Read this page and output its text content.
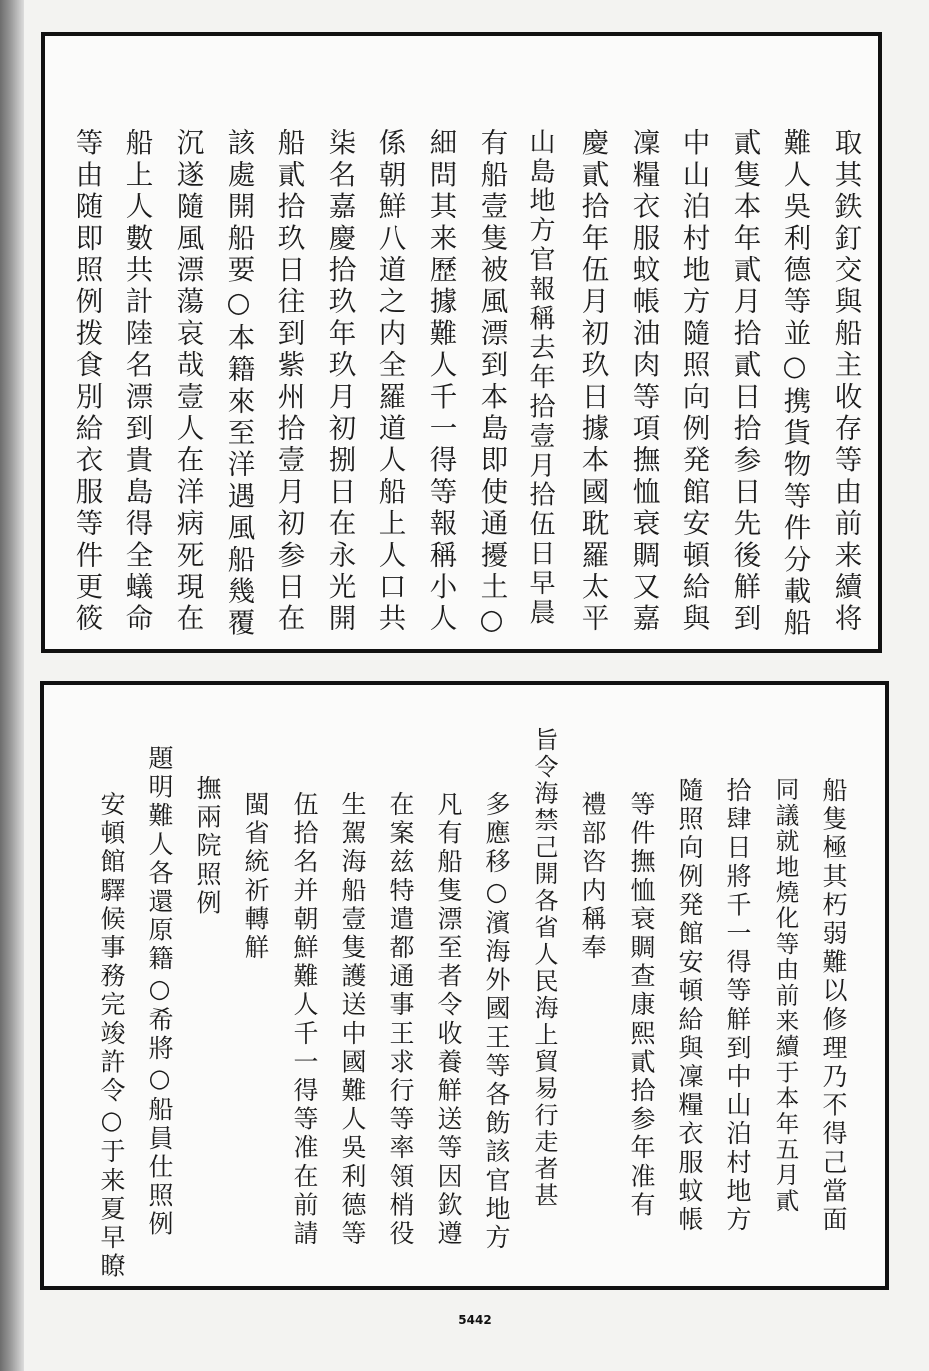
取其鉄釘交與船主收存等由前来續将
難人吳利德等並○携貨物等件分載船
貳隻本年貳月拾貳日拾参日先後觧到
中山泊村地方隨照向例発館安頓給與
凜糧衣服蚊帳油肉等項撫恤衰賙又嘉
慶貳拾年伍月初玖日據本國耽羅太平
山島地方官報稱去年拾壹月拾伍日早晨
有船壹隻被風漂到本島即使通擾土○
細問其来歷據難人千一得等報稱小人
係朝鮮八道之内全羅道人船上人口共
柒名嘉慶拾玖年玖月初捌日在永光開
船貳拾玖日往到紫州拾壹月初参日在
該處開船要○本籍來至洋遇風船幾覆
沉遂隨風漂蕩哀哉壹人在洋病死現在
船上人數共計陸名漂到貴島得全蟻命
等由随即照例拨食別給衣服等件更筱
船隻極其朽弱難以修理乃不得己當面
同議就地燒化等由前来續于本年五月貳
拾肆日將千一得等觧到中山泊村地方
隨照向例発館安頓給與凜糧衣服蚊帳
等件撫恤衰賙查康熙貳拾参年准有
禮部咨内稱奉
旨令海禁己開各省人民海上貿易行走者甚
多應移○濱海外國王等各飭該官地方
凡有船隻漂至者令收養觧送等因欽遵
在案兹特遣都通事王求行等率領梢役
生駕海船壹隻護送中國難人吳利德等
伍拾名并朝鮮難人千一得等准在前請
閩省統祈轉觧
撫兩院照例
題明難人各還原籍○希將○船員仕照例
安頓館驛候事務完竣許令○于来夏早瞭
5442
